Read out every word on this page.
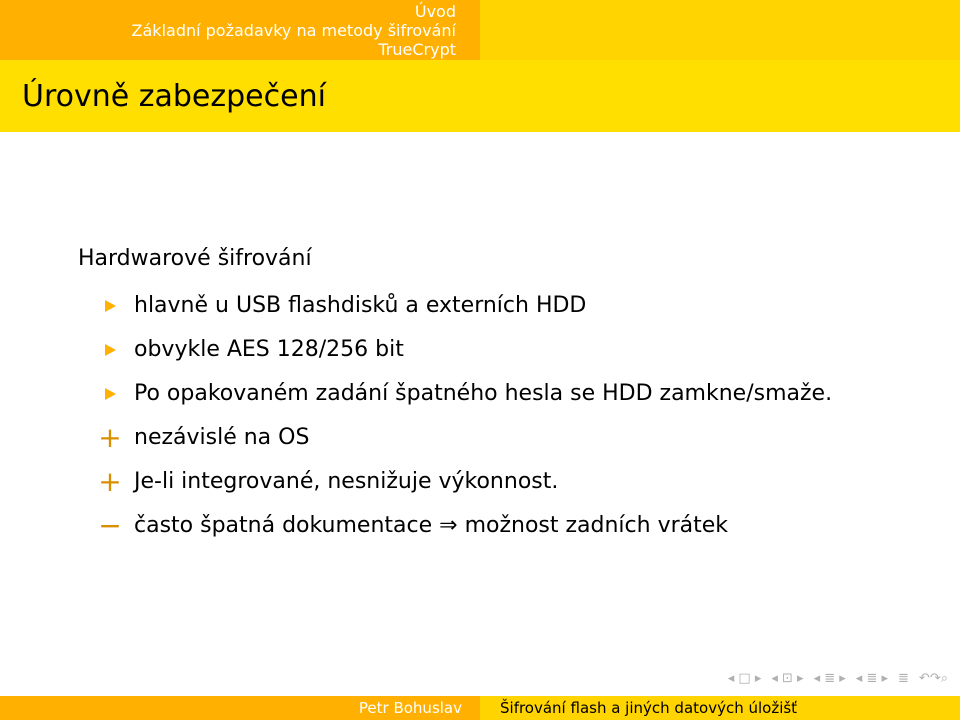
Úvod
Základní požadavky na metody šifrování
TrueCrypt
Úrovně zabezpečení
Hardwarové šifrování
hlavně u USB flashdisků a externích HDD
obvykle AES 128/256 bit
Po opakovaném zadání špatného hesla se HDD zamkne/smaže.
+ nezávislé na OS
+ Je-li integrované, nesnižuje výkonnost.
− často špatná dokumentace ⇒ možnost zadních vrátek
◂ □ ▸ ◂ ⊡ ▸ ◂ ≣ ▸ ◂ ≣ ▸ ≣ ↶↷⌕
Petr Bohuslav	Šifrování flash a jiných datových úložišť
